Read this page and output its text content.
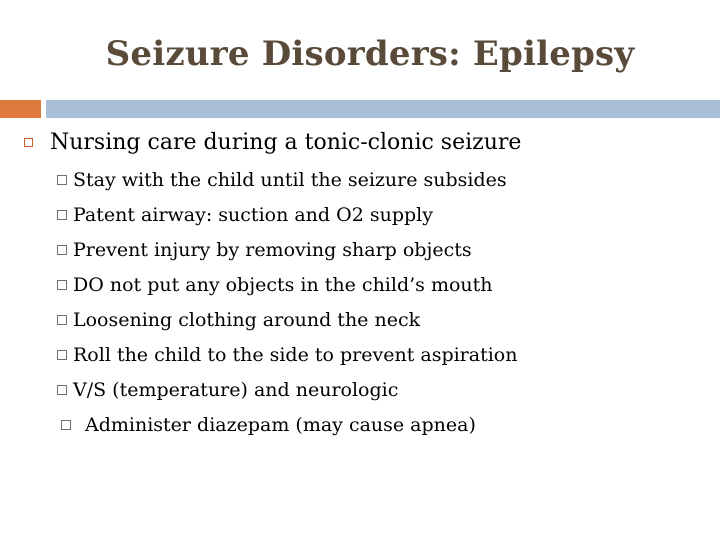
Seizure Disorders: Epilepsy
Nursing care during a tonic-clonic seizure
Stay with the child until the seizure subsides
Patent airway: suction and O2 supply
Prevent injury by removing sharp objects
DO not put any objects in the child’s mouth
Loosening clothing around the neck
Roll the child to the side to prevent aspiration
V/S (temperature) and neurologic
Administer diazepam (may cause apnea)
